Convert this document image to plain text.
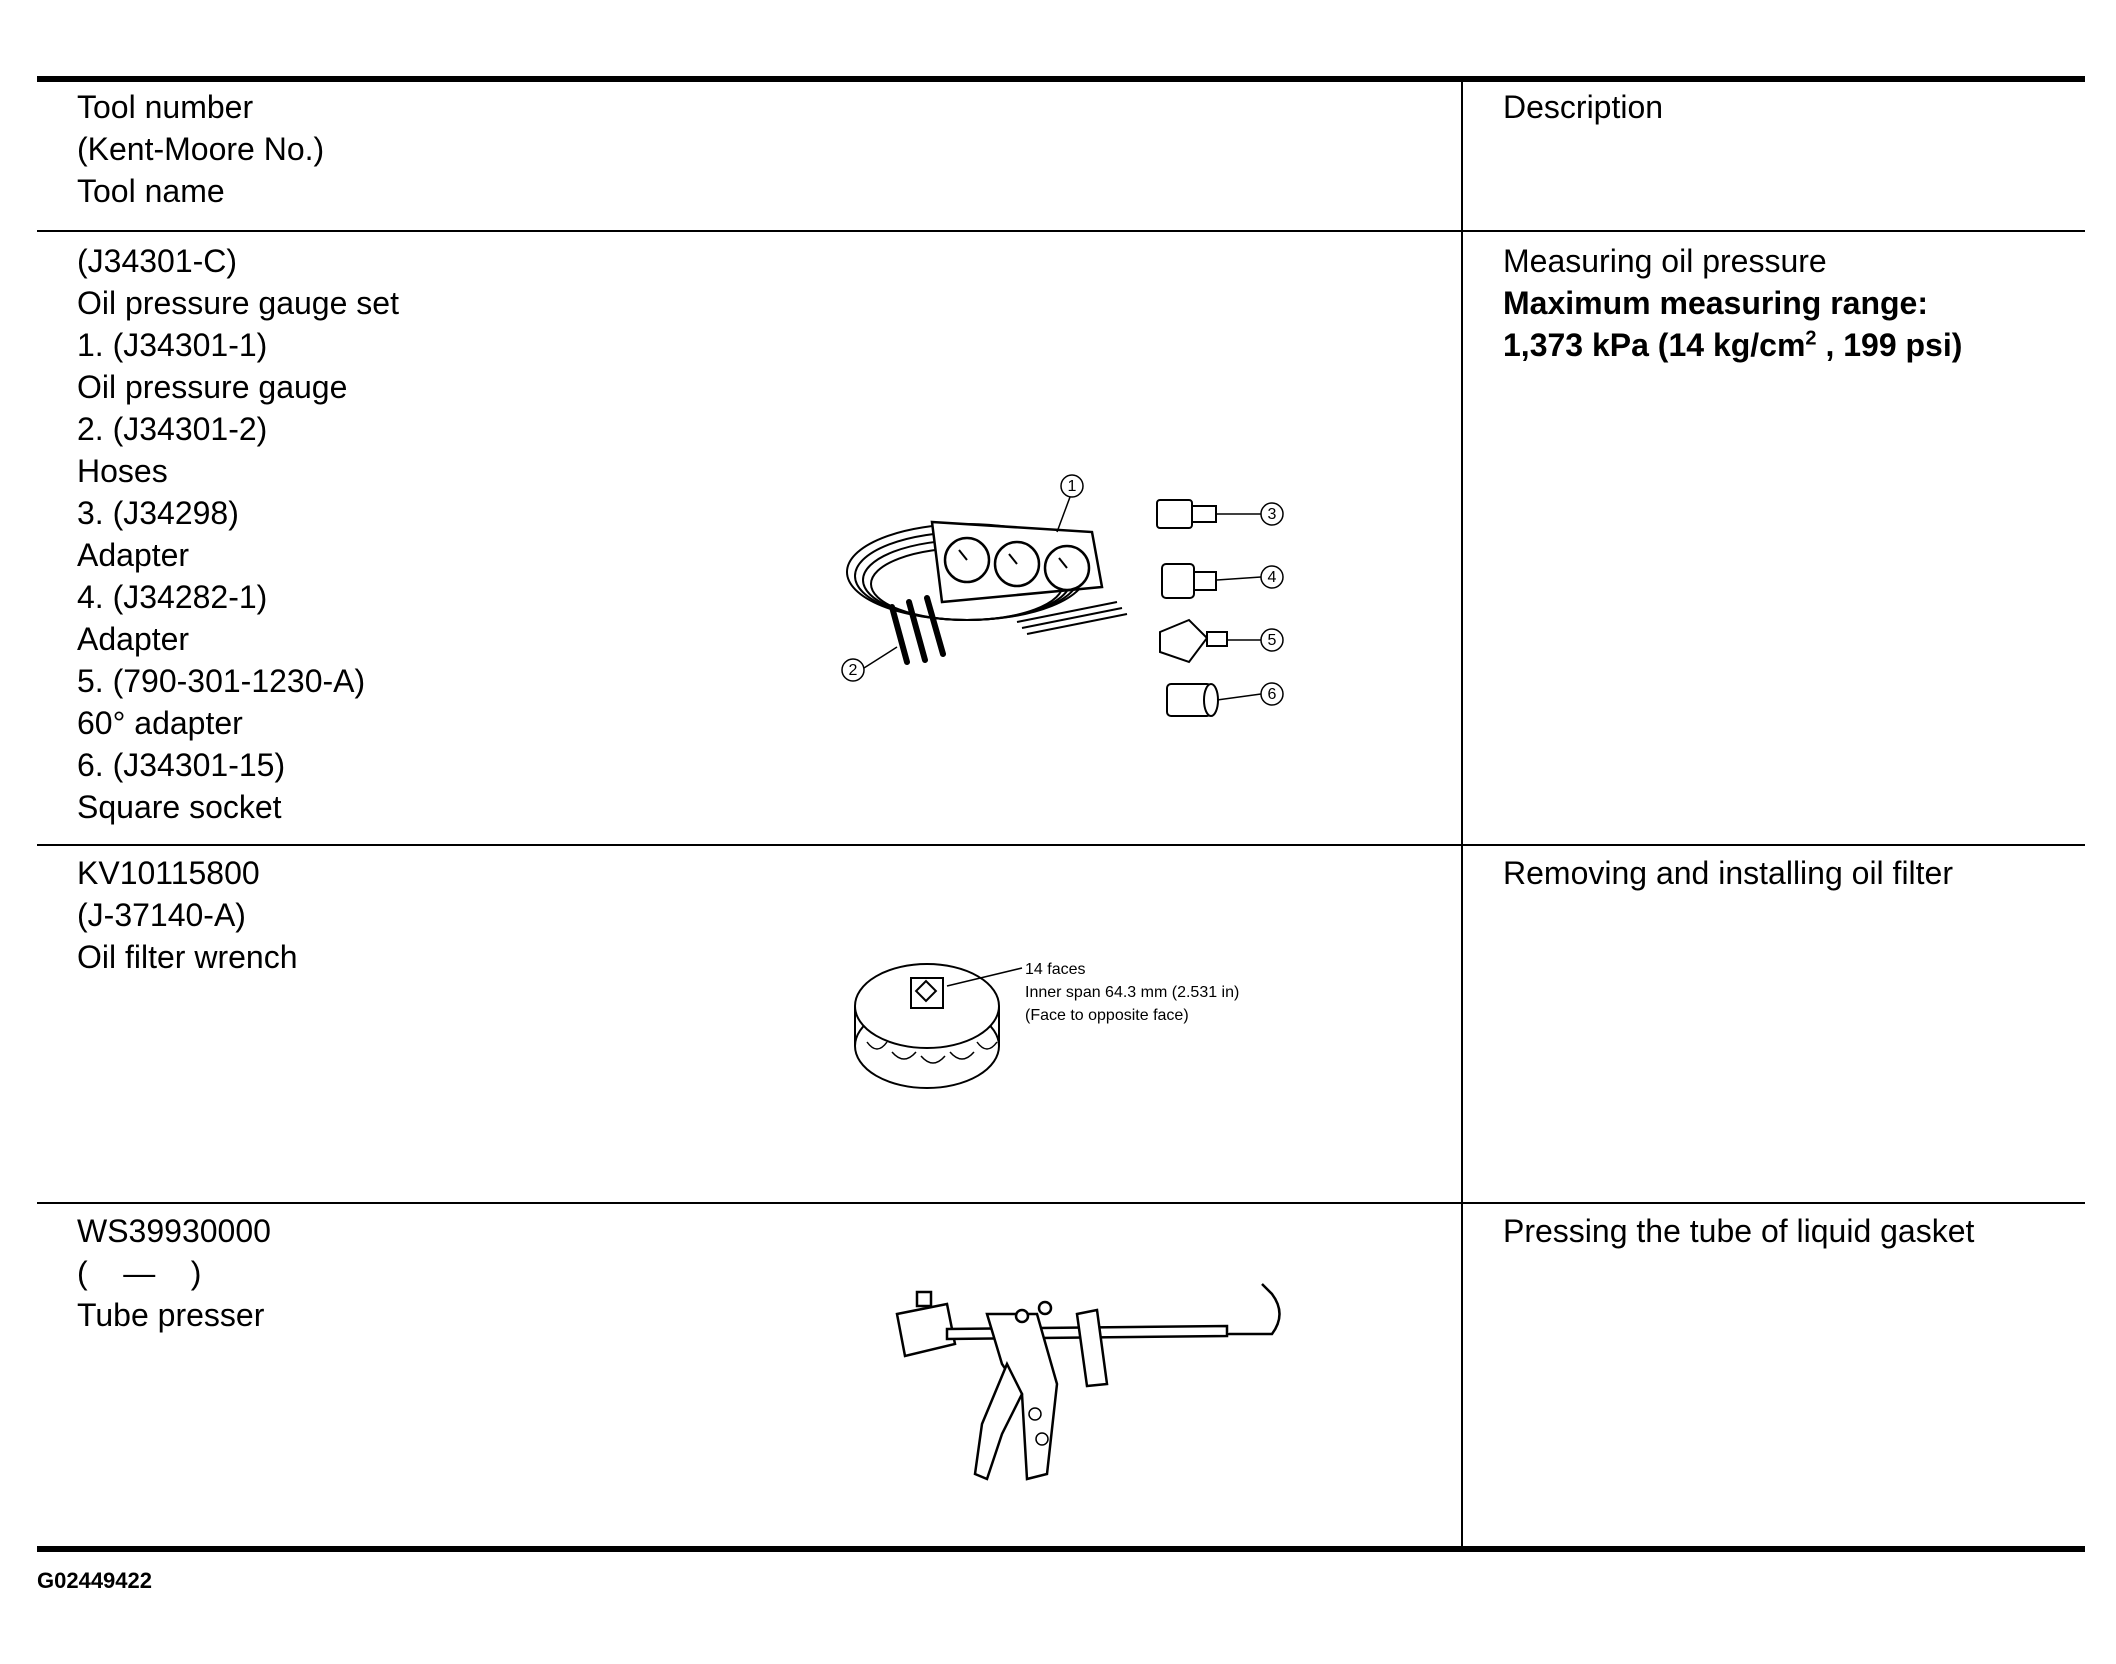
Tool number
(Kent-Moore No.)
Tool name
Description
(J34301-C)
Oil pressure gauge set
1. (J34301-1)
Oil pressure gauge
2. (J34301-2)
Hoses
3. (J34298)
Adapter
4. (J34282-1)
Adapter
5. (790-301-1230-A)
60° adapter
6. (J34301-15)
Square socket
1
3
4
5
6
2
Measuring oil pressure
Maximum measuring range:
1,373 kPa (14 $kg/cm^2$ , 199 psi)
KV10115800
(J-37140-A)
Oil filter wrench	14 faces
Inner span 64.3 mm (2.531 in)
(Face to opposite face)
Removing and installing oil filter
WS39930000
(    —    )
Tube presser
Pressing the tube of liquid gasket
G02449422
